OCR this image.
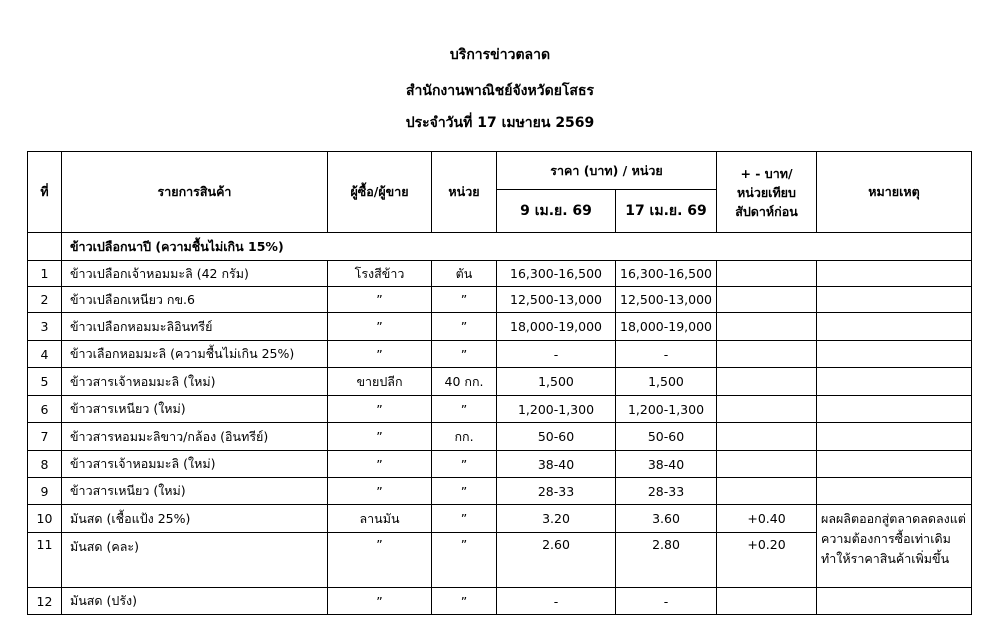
บริการข่าวตลาด
สำนักงานพาณิชย์จังหวัดยโสธร
ประจำวันที่ 17 เมษายน 2569
ที่	รายการสินค้า	ผู้ซื้อ/ผู้ขาย	หน่วย	ราคา (บาท) / หน่วย		+ - บาท/
หน่วยเทียบ
สัปดาห์ก่อน	หมายเหตุ
				9 เม.ย. 69	17 เม.ย. 69		
	ข้าวเปลือกนาปี (ความชื้นไม่เกิน 15%)						
1	ข้าวเปลือกเจ้าหอมมะลิ (42 กรัม)	โรงสีข้าว	ตัน	16,300-16,500	16,300-16,500		
2	ข้าวเปลือกเหนียว กข.6	”	”	12,500-13,000	12,500-13,000		
3	ข้าวเปลือกหอมมะลิอินทรีย์	”	”	18,000-19,000	18,000-19,000		
4	ข้าวเลือกหอมมะลิ (ความชื้นไม่เกิน 25%)	”	”	-	-		
5	ข้าวสารเจ้าหอมมะลิ (ใหม่)	ขายปลีก	40 กก.	1,500	1,500		
6	ข้าวสารเหนียว (ใหม่)	”	”	1,200-1,300	1,200-1,300		
7	ข้าวสารหอมมะลิขาว/กล้อง (อินทรีย์)	”	กก.	50-60	50-60		
8	ข้าวสารเจ้าหอมมะลิ (ใหม่)	”	”	38-40	38-40		
9	ข้าวสารเหนียว (ใหม่)	”	”	28-33	28-33		
10	มันสด (เชื้อแป้ง 25%)	ลานมัน	”	3.20	3.60	+0.40	ผลผลิตออกสู่ตลาดลดลงแต่ความต้องการซื้อเท่าเดิมทำให้ราคาสินค้าเพิ่มขึ้น
11	มันสด (คละ)	”	”	2.60	2.80	+0.20	
12	มันสด (ปรัง)	”	”	-	-		
